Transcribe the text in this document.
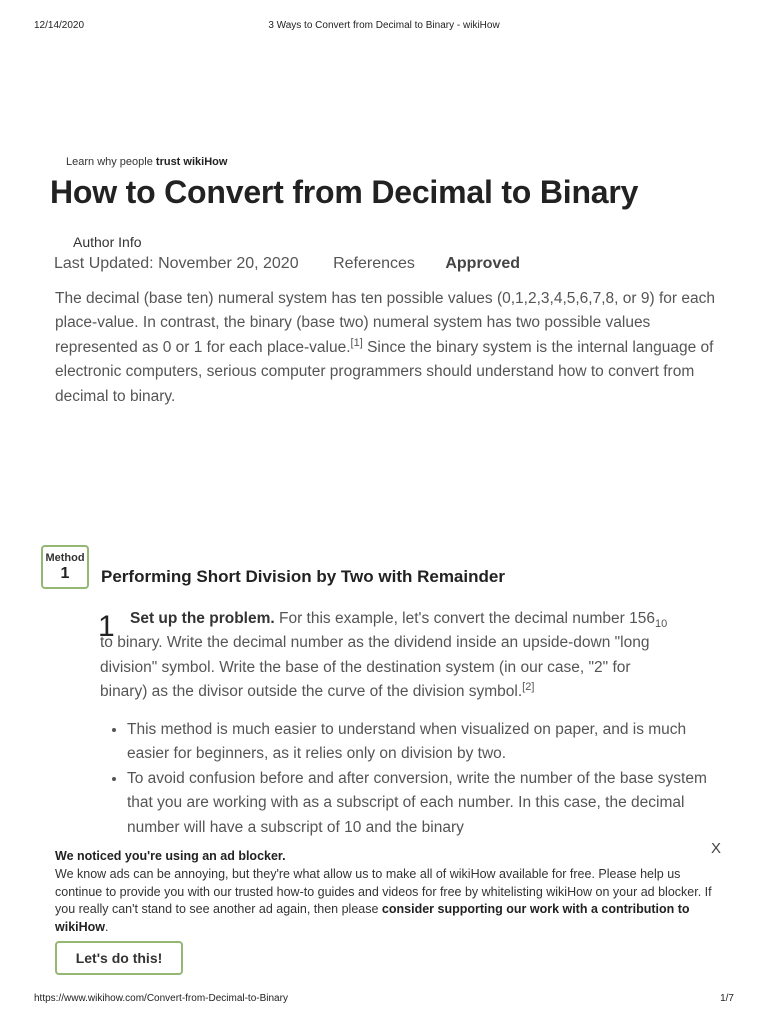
12/14/2020	3 Ways to Convert from Decimal to Binary - wikiHow
Learn why people trust wikiHow
How to Convert from Decimal to Binary
Author Info
Last Updated: November 20, 2020 References Approved
The decimal (base ten) numeral system has ten possible values (0,1,2,3,4,5,6,7,8, or 9) for each place-value. In contrast, the binary (base two) numeral system has two possible values represented as 0 or 1 for each place-value.[1] Since the binary system is the internal language of electronic computers, serious computer programmers should understand how to convert from decimal to binary.
Method
1	Performing Short Division by Two with Remainder
1 Set up the problem. For this example, let's convert the decimal number $156_{10}$ to binary. Write the decimal number as the dividend inside an upside-down "long division" symbol. Write the base of the destination system (in our case, "2" for binary) as the divisor outside the curve of the division symbol.[2]
• This method is much easier to understand when visualized on paper, and is much easier for beginners, as it relies only on division by two.
• To avoid confusion before and after conversion, write the number of the base system that you are working with as a subscript of each number. In this case, the decimal number will have a subscript of 10 and the binary
X
We noticed you're using an ad blocker.
We know ads can be annoying, but they're what allow us to make all of wikiHow available for free. Please help us continue to provide you with our trusted how-to guides and videos for free by whitelisting wikiHow on your ad blocker. If you really can't stand to see another ad again, then please consider supporting our work with a contribution to wikiHow.
Let's do this!
https://www.wikihow.com/Convert-from-Decimal-to-Binary	1/7
